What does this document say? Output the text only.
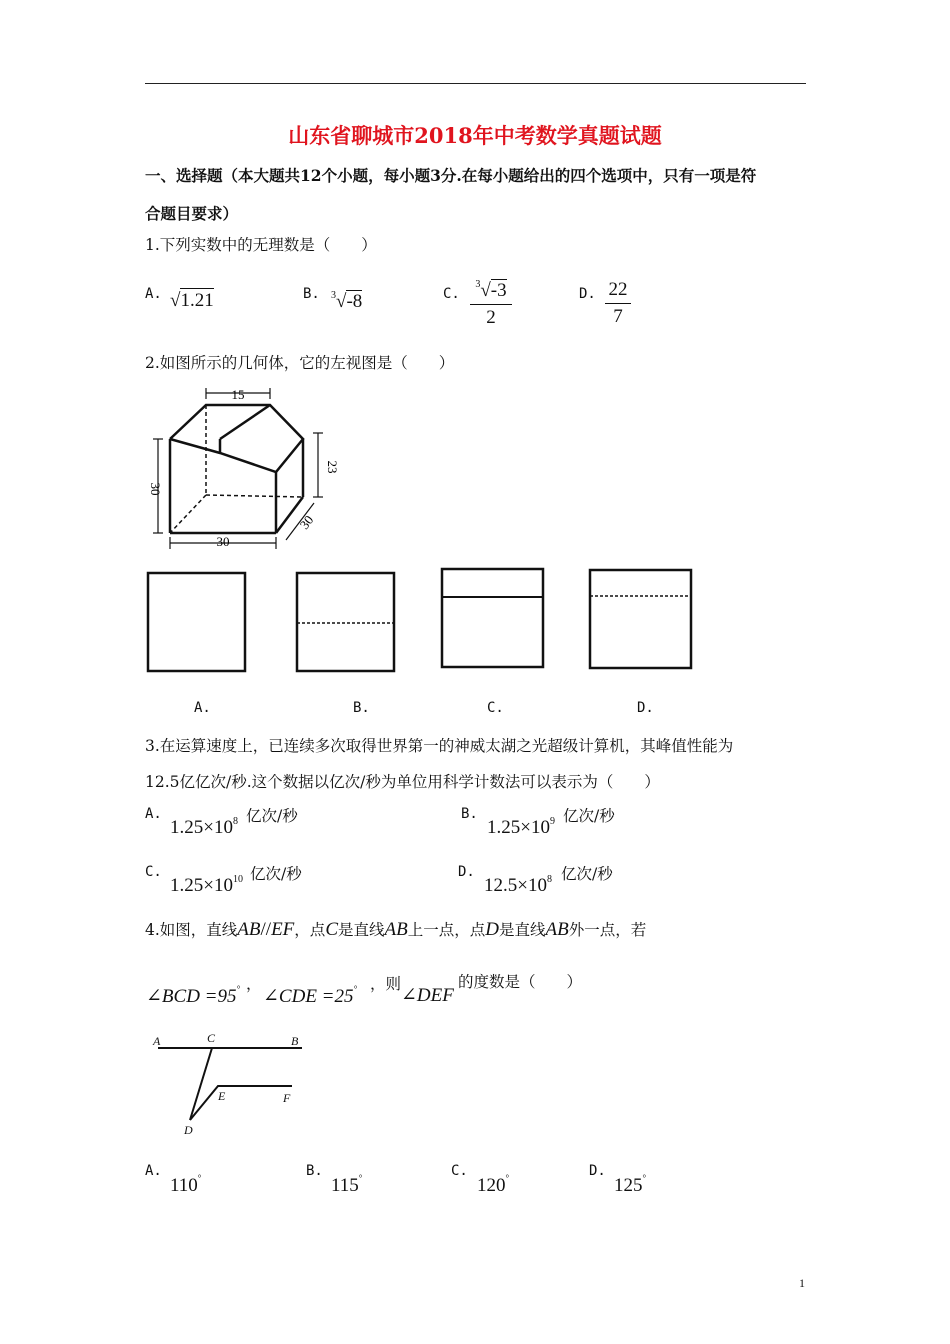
山东省聊城市2018年中考数学真题试题
一、选择题（本大题共12个小题，每小题3分.在每小题给出的四个选项中，只有一项是符
合题目要求）
1.下列实数中的无理数是（　　）
A. √1.21	B. $^3$√-8	C.
$^3$√-3
2
D. 22
7
2.如图所示的几何体，它的左视图是（　　）
15
30
23
30
30
A.	B.	C.	D.
3.在运算速度上，已连续多次取得世界第一的神威太湖之光超级计算机，其峰值性能为
12.5亿亿次/秒.这个数据以亿次/秒为单位用科学计数法可以表示为（　　）
A.
$1.25\times 10^8$ 亿次/秒	B.
$1.25\times 10^9$ 亿次/秒
C.
$1.25\times 10^{10}$ 亿次/秒	D.
$12.5\times 10^8$ 亿次/秒
4.如图，直线AB//EF，点C是直线AB上一点，点D是直线AB外一点，若
∠BCD =95° ，
∠CDE =25° ，则
∠DEF
的度数是（　　）
A	C	B
E	F
D
A.
110°	B.
115°	C.
120°	D.
125°
1
